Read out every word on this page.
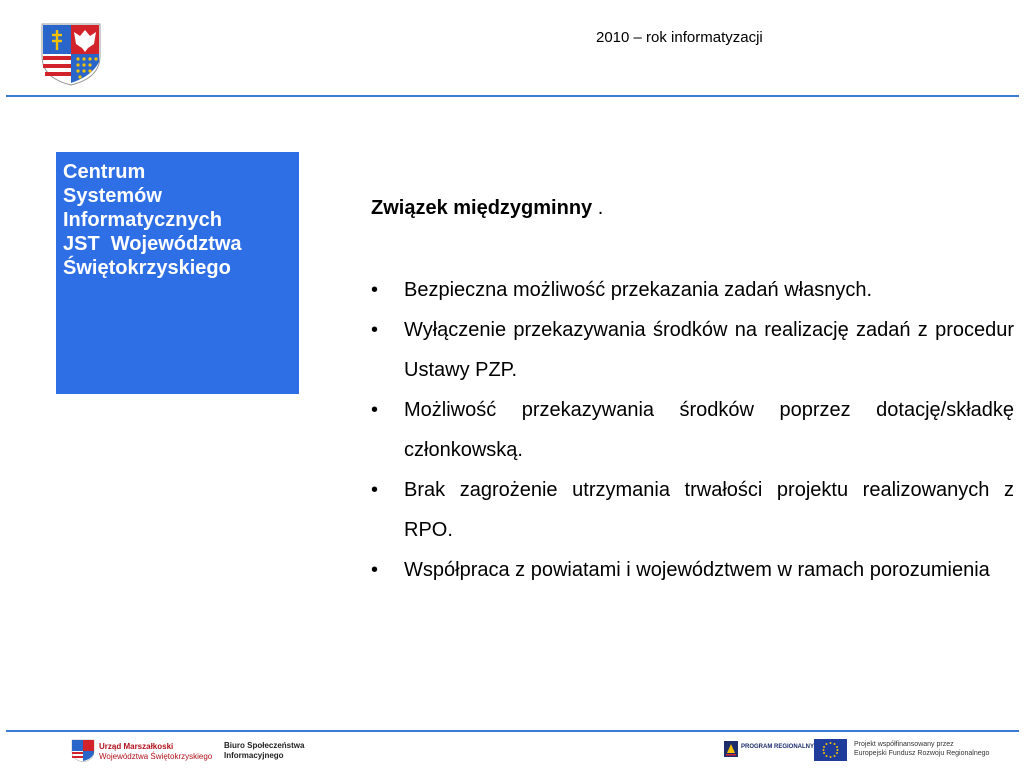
2010 – rok informatyzacji
Centrum
Systemów
Informatycznych
JST  Województwa
Świętokrzyskiego
Związek międzygminny .
• Bezpieczna możliwość przekazania zadań własnych.
• Wyłączenie przekazywania środków na realizację zadań z procedur Ustawy PZP.
• Możliwość przekazywania środków poprzez dotację/składkę członkowską.
• Brak zagrożenie utrzymania trwałości projektu realizowanych z RPO.
• Współpraca z powiatami i województwem w ramach porozumienia
Urząd Marszałkoski
Województwa Świętokrzyskiego
Biuro Społeczeństwa
Informacyjnego
PROGRAM REGIONALNY	Projekt współfinansowany przez
Europejski Fundusz Rozwoju Regionalnego
